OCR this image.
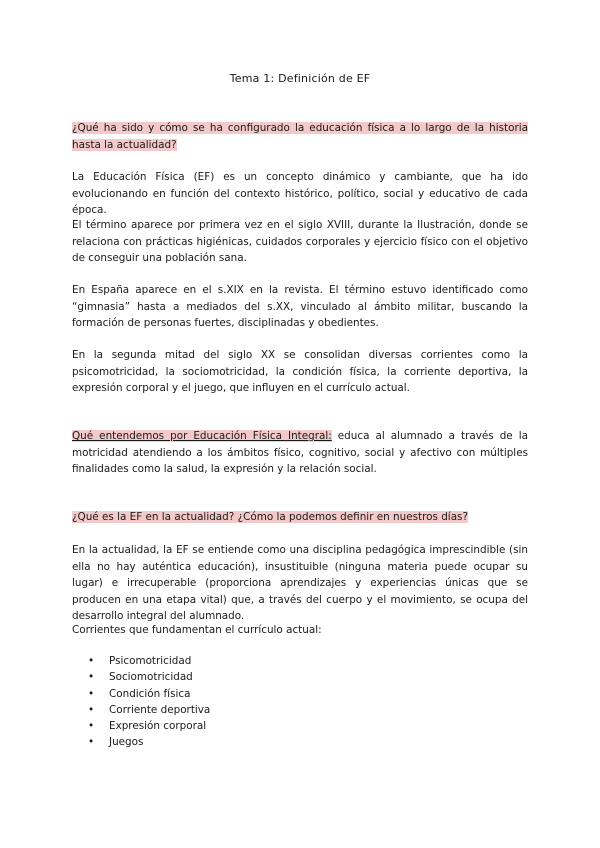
Tema 1: Definición de EF

¿Qué ha sido y cómo se ha configurado la educación física a lo largo de la historia hasta la actualidad?

La Educación Física (EF) es un concepto dinámico y cambiante, que ha ido evolucionando en función del contexto histórico, político, social y educativo de cada época.

El término aparece por primera vez en el siglo XVIII, durante la Ilustración, donde se relaciona con prácticas higiénicas, cuidados corporales y ejercicio físico con el objetivo de conseguir una población sana.

En España aparece en el s.XIX en la revista. El término estuvo identificado como “gimnasia” hasta a mediados del s.XX, vinculado al ámbito militar, buscando la formación de personas fuertes, disciplinadas y obedientes.

En la segunda mitad del siglo XX se consolidan diversas corrientes como la psicomotricidad, la sociomotricidad, la condición física, la corriente deportiva, la expresión corporal y el juego, que influyen en el currículo actual.

Qué entendemos por Educación Física Integral: educa al alumnado a través de la motricidad atendiendo a los ámbitos físico, cognitivo, social y afectivo con múltiples finalidades como la salud, la expresión y la relación social.

¿Qué es la EF en la actualidad? ¿Cómo la podemos definir en nuestros días?

En la actualidad, la EF se entiende como una disciplina pedagógica imprescindible (sin ella no hay auténtica educación), insustituible (ninguna materia puede ocupar su lugar) e irrecuperable (proporciona aprendizajes y experiencias únicas que se producen en una etapa vital) que, a través del cuerpo y el movimiento, se ocupa del desarrollo integral del alumnado.

Corrientes que fundamentan el currículo actual:

• Psicomotricidad
• Sociomotricidad
• Condición física
• Corriente deportiva
• Expresión corporal
• Juegos
